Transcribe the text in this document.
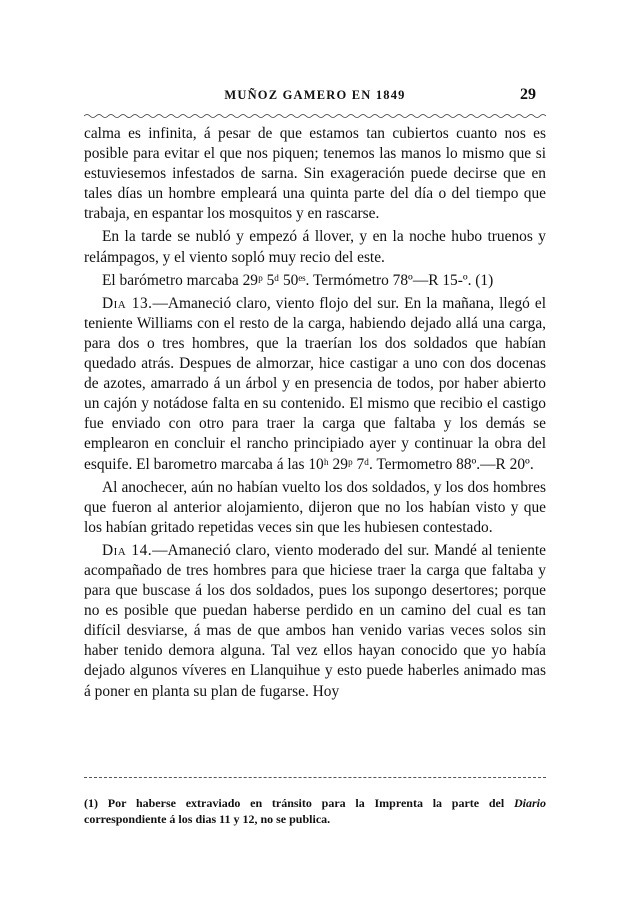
MUÑOZ GAMERO EN 1849	29

calma es infinita, á pesar de que estamos tan cubiertos cuanto nos es posible para evitar el que nos piquen; tenemos las manos lo mismo que si estuviesemos infestados de sarna. Sin exageración puede decirse que en tales días un hombre empleará una quinta parte del día o del tiempo que trabaja, en espantar los mosquitos y en rascarse.

En la tarde se nubló y empezó á llover, y en la noche hubo truenos y relámpagos, y el viento sopló muy recio del este.

El barómetro marcaba 29ᵖ 5ᵈ 50ᵉˢ. Termómetro 78º—R 15-º. (1)

Dia 13.—Amaneció claro, viento flojo del sur. En la mañana, llegó el teniente Williams con el resto de la carga, habiendo dejado allá una carga, para dos o tres hombres, que la traerían los dos soldados que habían quedado atrás. Despues de almorzar, hice castigar a uno con dos docenas de azotes, amarrado á un árbol y en presencia de todos, por haber abierto un cajón y notádose falta en su contenido. El mismo que recibio el castigo fue enviado con otro para traer la carga que faltaba y los demás se emplearon en concluir el rancho principiado ayer y continuar la obra del esquife. El barometro marcaba á las 10ʰ 29ᵖ 7ᵈ. Termometro 88º.—R 20º.

Al anochecer, aún no habían vuelto los dos soldados, y los dos hombres que fueron al anterior alojamiento, dijeron que no los habían visto y que los habían gritado repetidas veces sin que les hubiesen contestado.

Dia 14.—Amaneció claro, viento moderado del sur. Mandé al teniente acompañado de tres hombres para que hiciese traer la carga que faltaba y para que buscase á los dos soldados, pues los supongo desertores; porque no es posible que puedan haberse perdido en un camino del cual es tan difícil desviarse, á mas de que ambos han venido varias veces solos sin haber tenido demora alguna. Tal vez ellos hayan conocido que yo había dejado algunos víveres en Llanquihue y esto puede haberles animado mas á poner en planta su plan de fugarse. Hoy

(1) Por haberse extraviado en tránsito para la Imprenta la parte del Diario correspondiente á los dias 11 y 12, no se publica.
